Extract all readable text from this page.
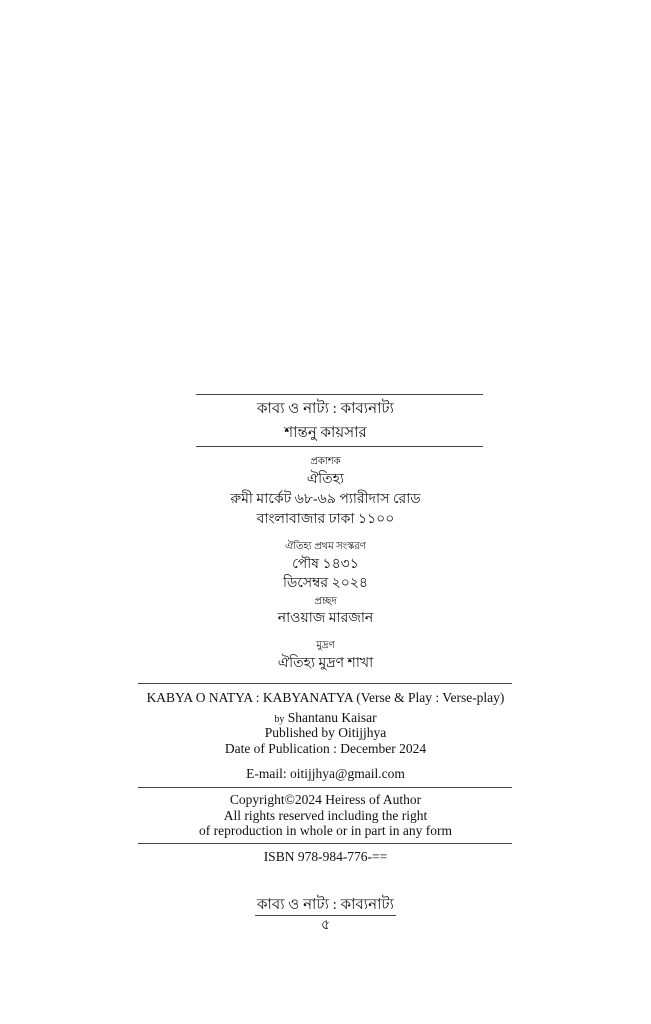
কাব্য ও নাট্য : কাব্যনাট্য
শান্তনু কায়সার
প্রকাশক
ঐতিহ্য
রুমী মার্কেট ৬৮-৬৯ প্যারীদাস রোড
বাংলাবাজার ঢাকা ১১০০
ঐতিহ্য প্রথম সংস্করণ
পৌষ ১৪৩১
ডিসেম্বর ২০২৪
প্রচ্ছদ
নাওয়াজ মারজান
মুদ্রণ
ঐতিহ্য মুদ্রণ শাখা
KABYA O NATYA : KABYANATYA (Verse & Play : Verse-play)
by Shantanu Kaisar
Published by Oitijjhya
Date of Publication : December 2024
E-mail: oitijjhya@gmail.com
Copyright©2024 Heiress of Author
All rights reserved including the right
of reproduction in whole or in part in any form
ISBN 978-984-776-==
কাব্য ও নাট্য : কাব্যনাট্য
৫
